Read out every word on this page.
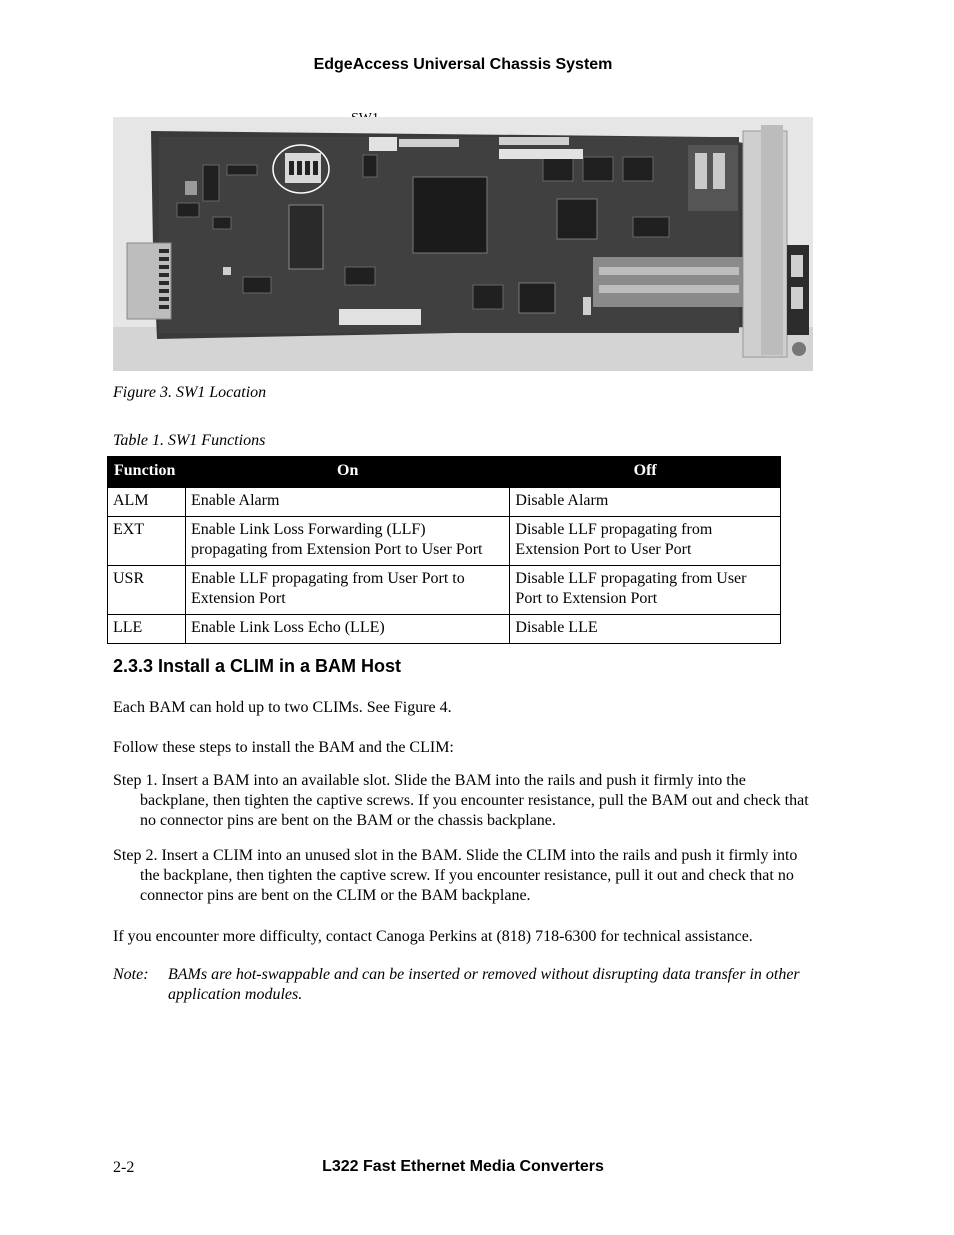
EdgeAccess Universal Chassis System
Figure 3. SW1 Location
Table 1. SW1 Functions
Function	On	Off
ALM	Enable Alarm	Disable Alarm
EXT	Enable Link Loss Forwarding (LLF) propagating from Extension Port to User Port	Disable LLF propagating from Extension Port to User Port
USR	Enable LLF propagating from User Port to Extension Port	Disable LLF propagating from User Port to Extension Port
LLE	Enable Link Loss Echo (LLE)	Disable LLE
2.3.3 Install a CLIM in a BAM Host
Each BAM can hold up to two CLIMs. See Figure 4.
Follow these steps to install the BAM and the CLIM:
Step 1. Insert a BAM into an available slot. Slide the BAM into the rails and push it firmly into the backplane, then tighten the captive screws. If you encounter resistance, pull the BAM out and check that no connector pins are bent on the BAM or the chassis backplane.
Step 2. Insert a CLIM into an unused slot in the BAM. Slide the CLIM into the rails and push it firmly into the backplane, then tighten the captive screw. If you encounter resistance, pull it out and check that no connector pins are bent on the CLIM or the BAM backplane.
If you encounter more difficulty, contact Canoga Perkins at (818) 718-6300 for technical assistance.
Note: BAMs are hot-swappable and can be inserted or removed without disrupting data transfer in other application modules.
2-2	L322 Fast Ethernet Media Converters
